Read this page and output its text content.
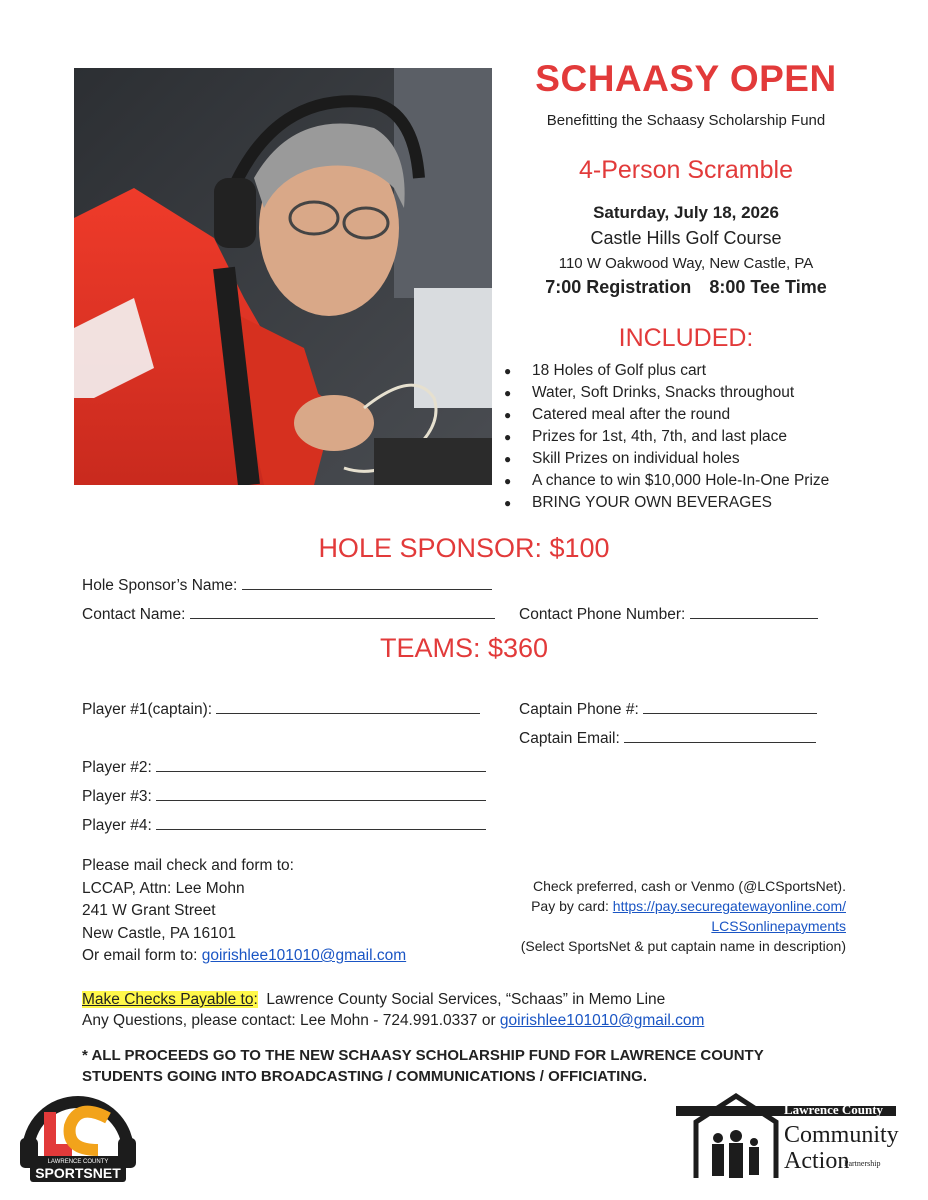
SCHAASY OPEN
Benefitting the Schaasy Scholarship Fund
4-Person Scramble
Saturday, July 18, 2026
Castle Hills Golf Course
110 W Oakwood Way, New Castle, PA
7:00 Registration 8:00 Tee Time
INCLUDED:
● 18 Holes of Golf plus cart
● Water, Soft Drinks, Snacks throughout
● Catered meal after the round
● Prizes for 1st, 4th, 7th, and last place
● Skill Prizes on individual holes
● A chance to win $10,000 Hole-In-One Prize
● BRING YOUR OWN BEVERAGES
HOLE SPONSOR: $100
Hole Sponsor’s Name:
Contact Name:	Contact Phone Number:
TEAMS: $360
Player #1(captain):	Captain Phone #:
Captain Email:
Player #2:
Player #3:
Player #4:
Please mail check and form to:
LCCAP, Attn: Lee Mohn
241 W Grant Street
New Castle, PA 16101
Or email form to: goirishlee101010@gmail.com
Check preferred, cash or Venmo (@LCSportsNet).
Pay by card: https://pay.securegatewayonline.com/
LCSSonlinepayments
(Select SportsNet & put captain name in description)
Make Checks Payable to:  Lawrence County Social Services, “Schaas” in Memo Line
Any Questions, please contact: Lee Mohn - 724.991.0337 or goirishlee101010@gmail.com
* ALL PROCEEDS GO TO THE NEW SCHAASY SCHOLARSHIP FUND FOR LAWRENCE COUNTY
STUDENTS GOING INTO BROADCASTING / COMMUNICATIONS / OFFICIATING.
LAWRENCE COUNTY
SPORTSNET
Lawrence County
Community
Action
Partnership
